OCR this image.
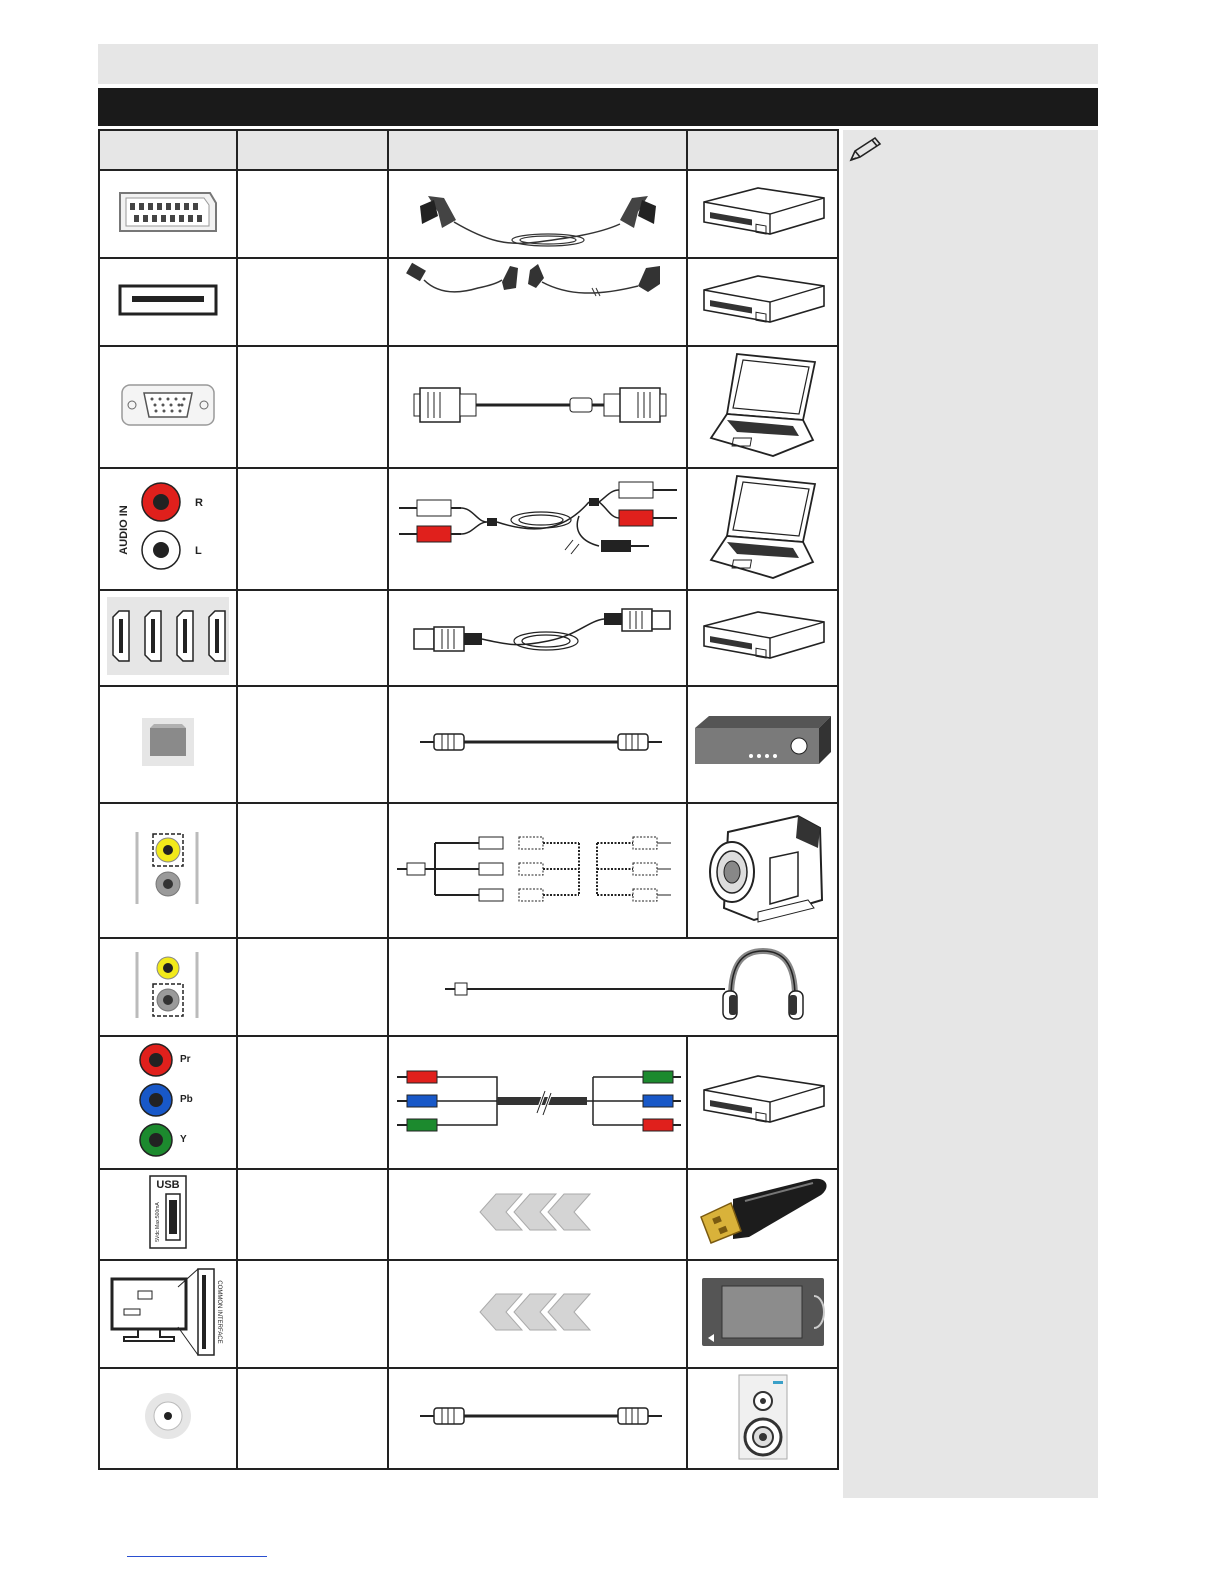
AUDIO IN
R
L

Pr
Pb
Y

USB
5Vdc Max:500mA

COMMON INTERFACE
